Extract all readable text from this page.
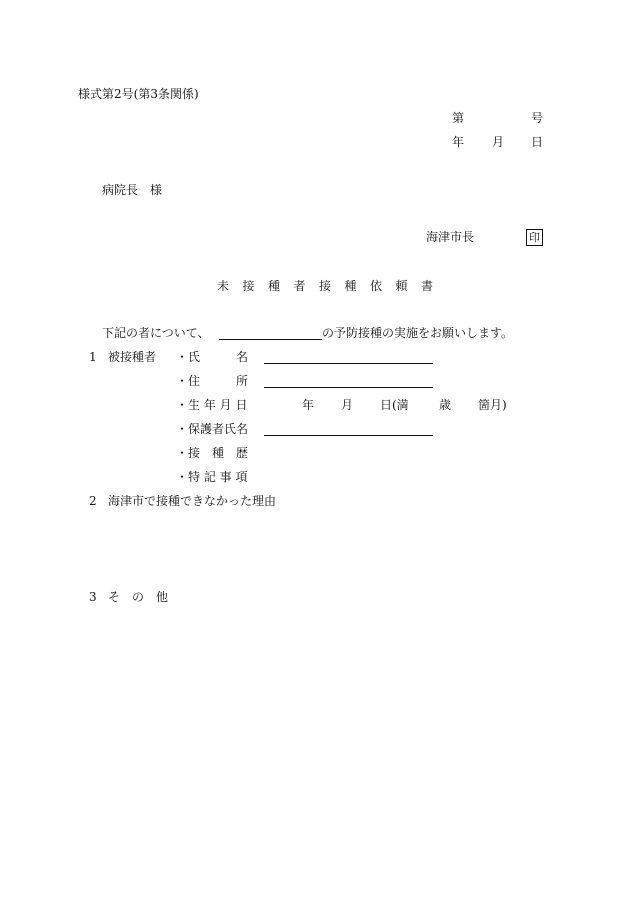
様式第2号(第3条関係)
第	号
年 月 日
病院長　様
海津市長	印
未接種者接種依頼書
下記の者について、	の予防接種の実施をお願いします。
1 被接種者 ・氏　　　名
・住　　　所
・生 年 月 日	年 月 日(満	歳 箇月)
・保護者氏名
・接　種　歴
・特 記 事 項
2 海津市で接種できなかった理由
3 そ　の　他
